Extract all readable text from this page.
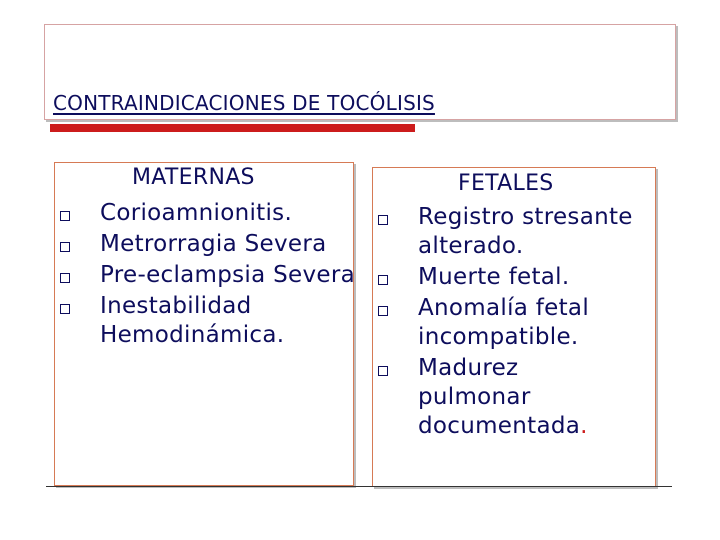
CONTRAINDICACIONES DE TOCÓLISIS
MATERNAS	FETALES
Corioamnionitis.
Metrorragia Severa
Pre-eclampsia Severa
Inestabilidad Hemodinámica.
Registro stresante alterado.
Muerte fetal.
Anomalía fetal incompatible.
Madurez pulmonar documentada.
